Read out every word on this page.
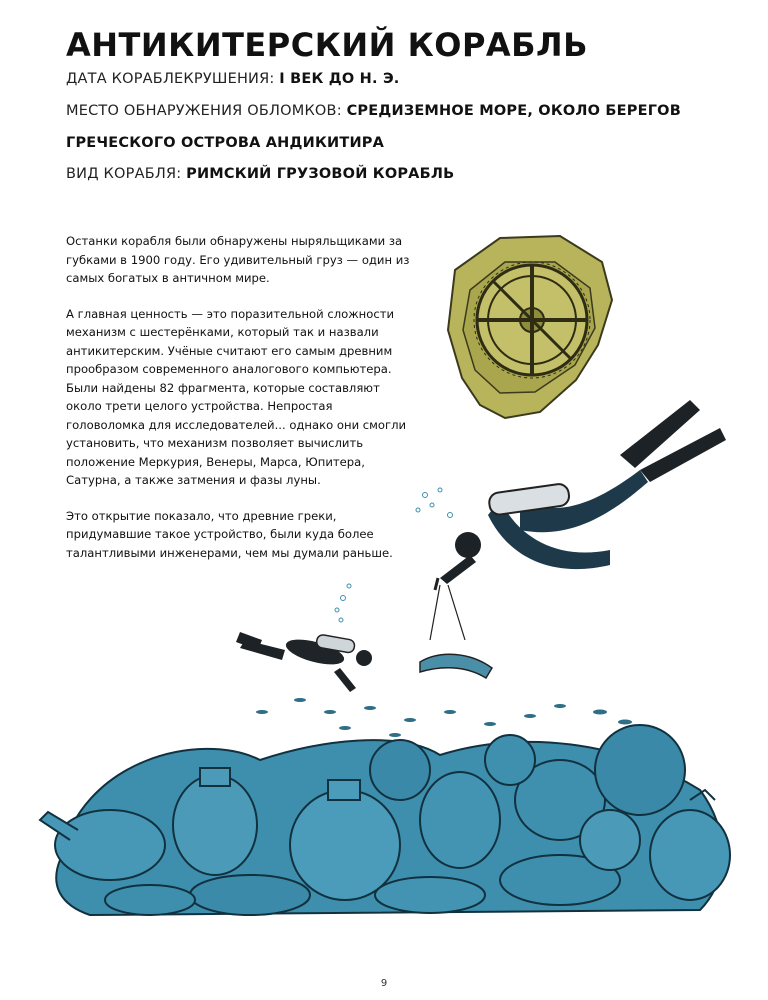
АНТИКИТЕРСКИЙ КОРАБЛЬ
ДАТА КОРАБЛЕКРУШЕНИЯ: I ВЕК ДО Н. Э.
МЕСТО ОБНАРУЖЕНИЯ ОБЛОМКОВ: СРЕДИЗЕМНОЕ МОРЕ, ОКОЛО БЕРЕГОВ
ГРЕЧЕСКОГО ОСТРОВА АНДИКИТИРА
ВИД КОРАБЛЯ: РИМСКИЙ ГРУЗОВОЙ КОРАБЛЬ

Останки корабля были обнаружены ныряльщиками за губками в 1900 году. Его удивительный груз — один из самых богатых в античном мире.

А главная ценность — это поразительной сложности механизм с шестерёнками, который так и назвали антикитерским. Учёные считают его самым древним прообразом современного аналогового компьютера. Были найдены 82 фрагмента, которые составляют около трети целого устройства. Непростая головоломка для исследователей... однако они смогли установить, что механизм позволяет вычислить положение Меркурия, Венеры, Марса, Юпитера, Сатурна, а также затмения и фазы луны.

Это открытие показало, что древние греки, придумавшие такое устройство, были куда более талантливыми инженерами, чем мы думали раньше.

9
